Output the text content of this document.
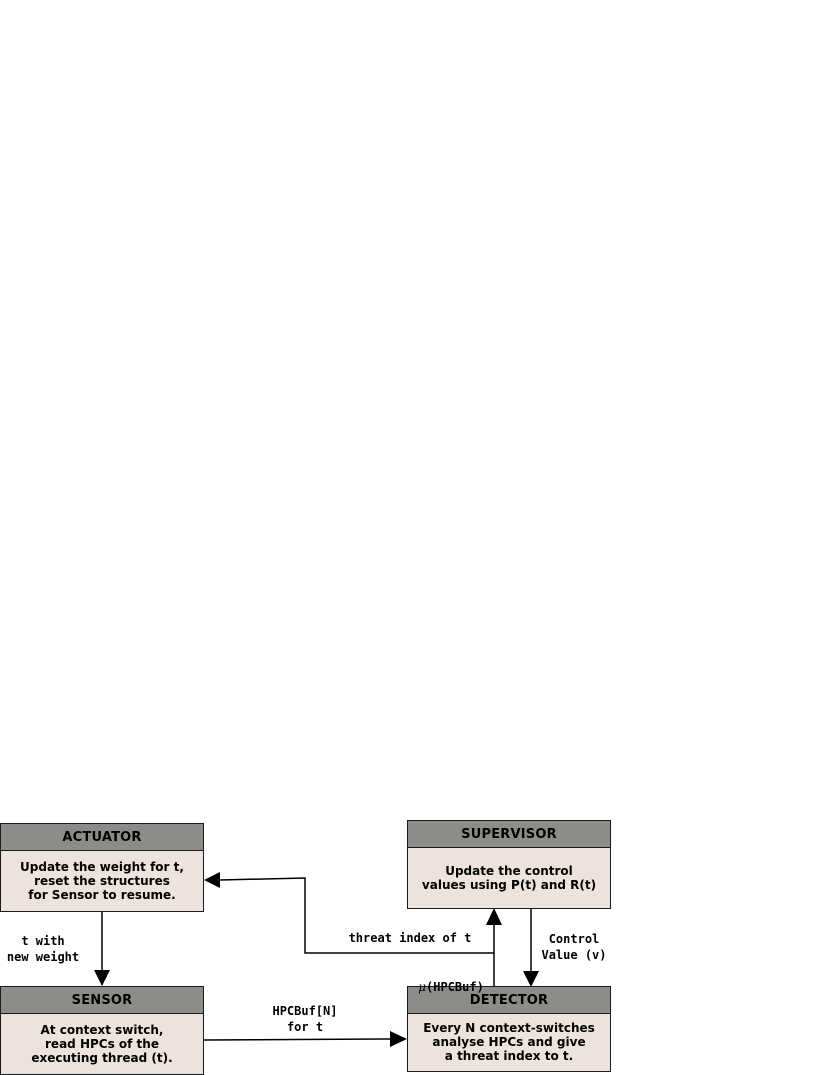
ACTUATOR
Update the weight for t,
reset the structures
for Sensor to resume.
SUPERVISOR
Update the control
values using P(t) and R(t)
SENSOR
At context switch,
read HPCs of the
executing thread (t).
DETECTOR
Every N context-switches
analyse HPCs and give
a threat index to t.
t with
new weight
threat index of t

μ(HPCBuf)

Control
Value (v)
HPCBuf[N]
for t
